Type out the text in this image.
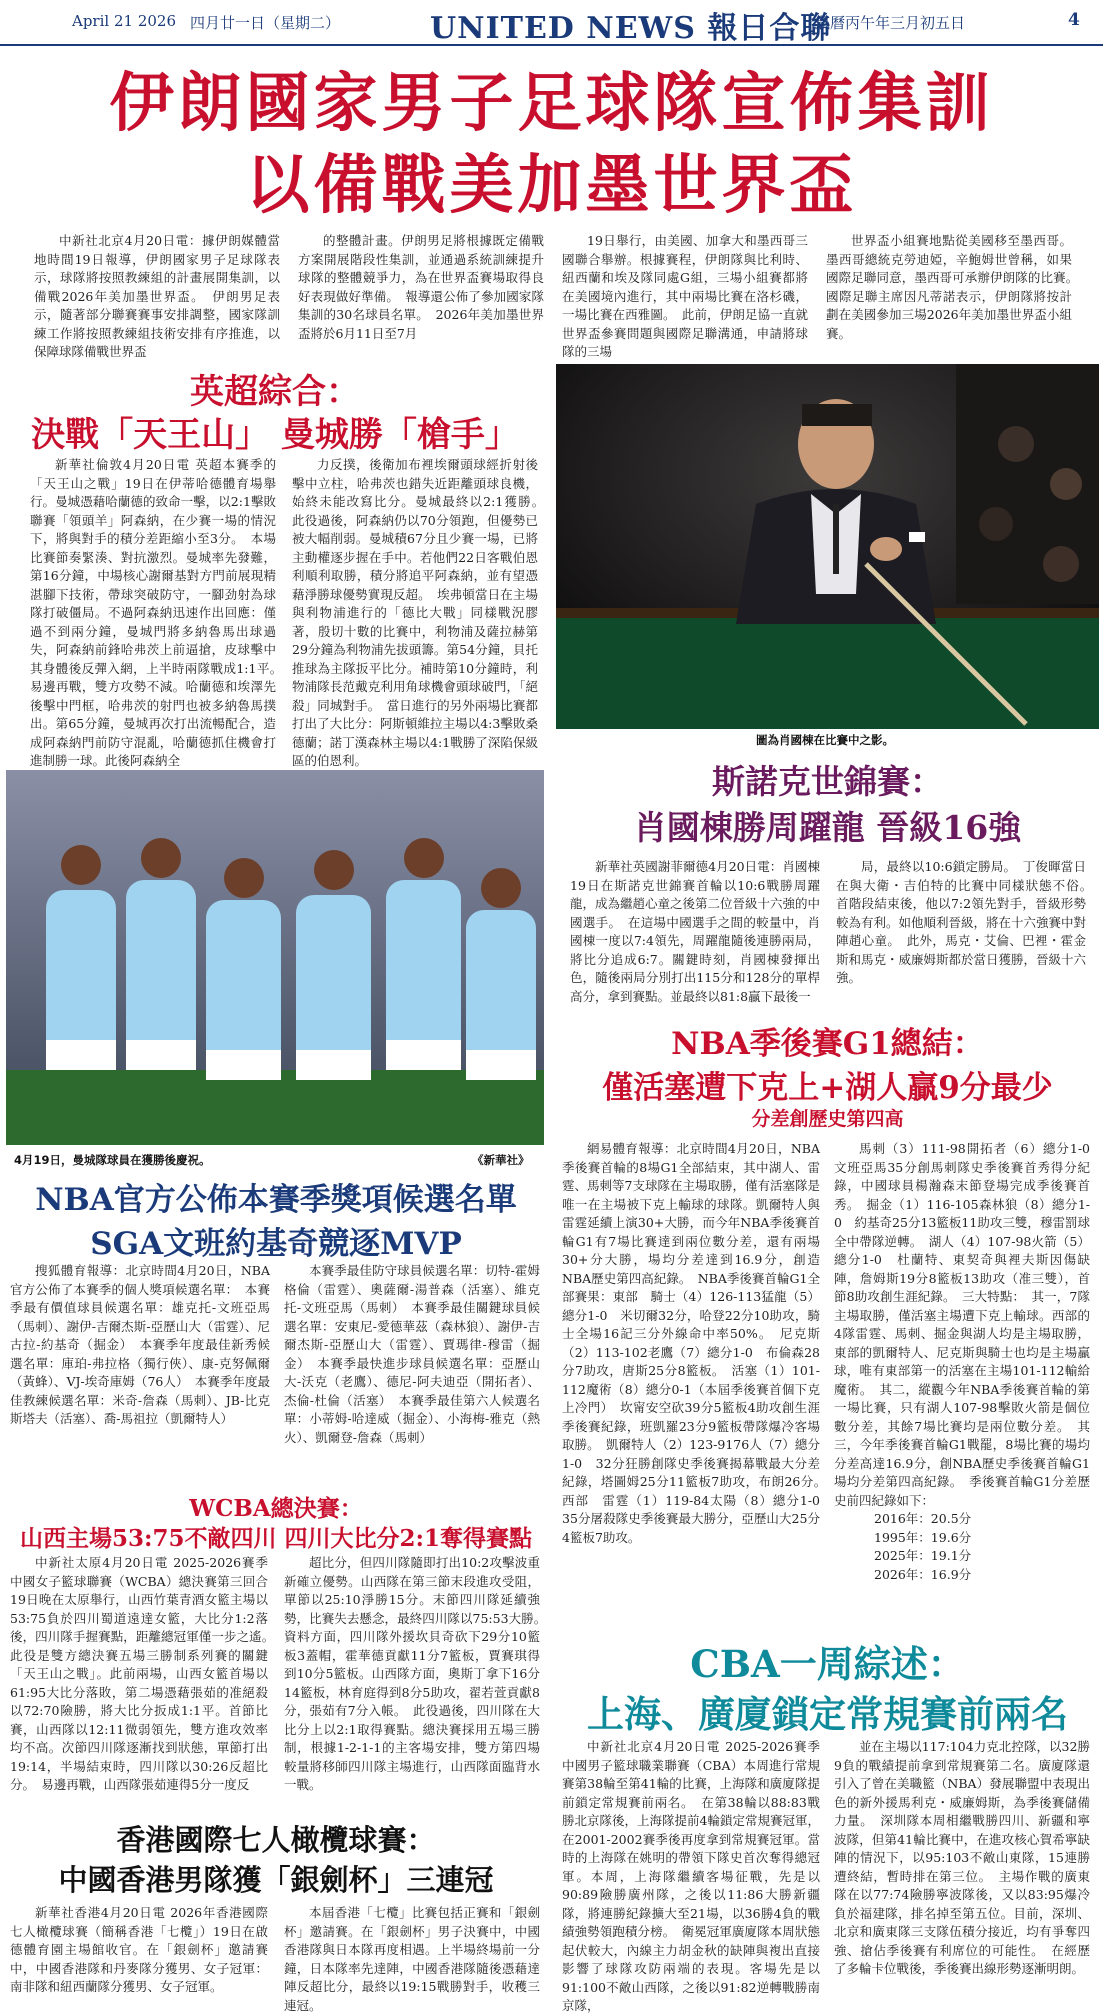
April 21 2026 四月廿一日（星期二）	UNITED NEWS 報日合聯
農曆丙午年三月初五日	4
伊朗國家男子足球隊宣佈集訓
以備戰美加墨世界盃

中新社北京4月20日電：據伊朗媒體當地時間19日報導，伊朗國家男子足球隊表示，球隊將按照教練組的計畫展開集訓，以備戰2026年美加墨世界盃。　伊朗男足表示，隨著部分聯賽賽事安排調整，國家隊訓練工作將按照教練組技術安排有序推進，以保障球隊備戰世界盃

的整體計畫。伊朗男足將根據既定備戰方案開展階段性集訓，並通過系統訓練提升球隊的整體競爭力，為在世界盃賽場取得良好表現做好準備。　報導還公佈了參加國家隊集訓的30名球員名單。　2026年美加墨世界盃將於6月11日至7月

19日舉行，由美國、加拿大和墨西哥三國聯合舉辦。根據賽程，伊朗隊與比利時、紐西蘭和埃及隊同處G組，三場小組賽都將在美國境內進行，其中兩場比賽在洛杉磯，一場比賽在西雅圖。　此前，伊朗足協一直就世界盃參賽問題與國際足聯溝通，申請將球隊的三場

世界盃小組賽地點從美國移至墨西哥。墨西哥總統克勞迪婭，辛鮑姆世曾稱，如果國際足聯同意，墨西哥可承辦伊朗隊的比賽。　國際足聯主席因凡蒂諾表示，伊朗隊將按計劃在美國參加三場2026年美加墨世界盃小組賽。

英超綜合：
決戰「天王山」 曼城勝「槍手」

新華社倫敦4月20日電 英超本賽季的「天王山之戰」19日在伊蒂哈德體育場舉行。曼城憑藉哈蘭德的致命一擊，以2:1擊敗聯賽「領頭羊」阿森納，在少賽一場的情況下，將與對手的積分差距縮小至3分。　本場比賽節奏緊湊、對抗激烈。曼城率先發難，第16分鐘，中場核心謝爾基對方門前展現精湛腳下技術，帶球突破防守，一腳劲射為球隊打破僵局。不過阿森納迅速作出回應：僅過不到兩分鐘，曼城門將多納魯馬出球過失，阿森納前鋒哈弗茨上前逼搶，皮球擊中其身體後反彈入網，上半時兩隊戰成1:1平。　易邊再戰，雙方攻勢不減。哈蘭德和埃澤先後擊中門框，哈弗茨的射門也被多納魯馬撲出。第65分鐘，曼城再次打出流暢配合，造成阿森納門前防守混亂，哈蘭德抓住機會打進制勝一球。此後阿森納全

力反撲，後衛加布裡埃爾頭球經折射後擊中立柱，哈弗茨也錯失近距離頭球良機，始終未能改寫比分。曼城最終以2:1獲勝。　此役過後，阿森納仍以70分領跑，但優勢已被大幅削弱。曼城積67分且少賽一場，已將主動權逐步握在手中。若他們22日客戰伯恩利順利取勝，積分將追平阿森納，並有望憑藉淨勝球優勢實現反超。　埃弗頓當日在主場與利物浦進行的「德比大戰」同樣戰況膠著，殷切十數的比賽中，利物浦及薩拉赫第29分鐘為利物浦先拔頭籌。第54分鐘，貝托推球為主隊扳平比分。補時第10分鐘時，利物浦隊長范戴克利用角球機會頭球破門，「絕殺」同城對手。　當日進行的另外兩場比賽都打出了大比分：阿斯頓維拉主場以4:3擊敗桑德蘭；諾丁漢森林主場以4:1戰勝了深陷保級區的伯恩利。

圖為肖國棟在比賽中之影。
4月19日，曼城隊球員在獲勝後慶祝。	《新華社》
斯諾克世錦賽：
肖國棟勝周躍龍 晉級16強

新華社英國謝菲爾德4月20日電：肖國棟19日在斯諾克世錦賽首輪以10:6戰勝周躍龍，成為繼趙心童之後第二位晉級十六強的中國選手。　在這場中國選手之間的較量中，肖國棟一度以7:4領先，周躍龍隨後連勝兩局，將比分追成6:7。關鍵時刻，肖國棟發揮出色，隨後兩局分別打出115分和128分的單桿高分，拿到賽點。並最終以81:8贏下最後一

局，最終以10:6鎖定勝局。　丁俊暉當日在與大衛・吉伯特的比賽中同樣狀態不俗。　首階段結束後，他以7:2領先對手，晉級形勢較為有利。如他順利晉級，將在十六強賽中對陣趙心童。　此外，馬克・艾倫、巴裡・霍金斯和馬克・威廉姆斯都於當日獲勝，晉級十六強。

NBA季後賽G1總結：
僅活塞遭下克上+湖人贏9分最少
分差創歷史第四高

網易體育報導：北京時間4月20日，NBA季後賽首輪的8場G1全部結束，其中湖人、雷霆、馬刺等7支球隊在主場取勝，僅有活塞隊是唯一在主場被下克上輸球的球隊。凱爾特人與雷霆延續上演30+大勝，而今年NBA季後賽首輪G1有7場比賽達到兩位數分差，還有兩場30+分大勝，場均分差達到16.9分，創造NBA歷史第四高紀錄。　NBA季後賽首輪G1全部賽果：東部　騎士（4）126-113猛龍（5）總分1-0　米切爾32分，哈登22分10助攻，騎士全場16記三分外線命中率50%。　尼克斯（2）113-102老鷹（7）總分1-0　布倫森28分7助攻，唐斯25分8籃板。　活塞（1）101-112魔術（8）總分0-1（本屆季後賽首個下克上冷門）　坎甯安空砍39分5籃板4助攻創生涯季後賽紀錄，班凱羅23分9籃板帶隊爆冷客場取勝。　凱爾特人（2）123-9176人（7）總分1-0　32分狂勝創隊史季後賽揭幕戰最大分差紀錄，塔圖姆25分11籃板7助攻，布朗26分。　西部　雷霆（1）119-84太陽（8）總分1-0　35分屠殺隊史季後賽最大勝分，亞歷山大25分4籃板7助攻。

馬刺（3）111-98開拓者（6）總分1-0　文班亞馬35分創馬刺隊史季後賽首秀得分紀錄，中國球員楊瀚森末節登場完成季後賽首秀。　掘金（1）116-105森林狼（8）總分1-0　約基奇25分13籃板11助攻三雙，穆雷罰球全中帶隊逆轉。　湖人（4）107-98火箭（5）總分1-0　杜蘭特、東契奇與裡夫斯因傷缺陣，詹姆斯19分8籃板13助攻（准三雙），首節8助攻創生涯紀錄。　三大特點：　其一，7隊主場取勝，僅活塞主場遭下克上輸球。西部的4隊雷霆、馬刺、掘金與湖人均是主場取勝，東部的凱爾特人、尼克斯與騎士也均是主場贏球，唯有東部第一的活塞在主場101-112輸給魔術。　其二，縱觀今年NBA季後賽首輪的第一場比賽，只有湖人107-98擊敗火箭是個位數分差，其餘7場比賽均是兩位數分差。　其三，今年季後賽首輪G1戰罷，8場比賽的場均分差高達16.9分，創NBA歷史季後賽首輪G1場均分差第四高紀錄。　季後賽首輪G1分差歷史前四紀錄如下：

2016年：20.5分
1995年：19.6分
2025年：19.1分
2026年：16.9分
NBA官方公佈本賽季獎項候選名單
SGA文班約基奇競逐MVP

搜狐體育報導：北京時間4月20日，NBA官方公佈了本賽季的個人獎項候選名單：　本賽季最有價值球員候選名單：雄克托-文班亞馬（馬刺）、謝伊-吉爾杰斯-亞歷山大（雷霆）、尼古拉-約基奇（掘金）　本賽季年度最佳新秀候選名單：庫珀-弗拉格（獨行俠）、康-克努佩爾（黃蜂）、VJ-埃奇庫姆（76人）　本賽季年度最佳教練候選名單：米奇-詹森（馬刺）、JB-比克斯塔夫（活塞）、喬-馬祖拉（凱爾特人）

本賽季最佳防守球員候選名單：切特-霍姆格倫（雷霆）、奧薩爾-湯普森（活塞）、維克托-文班亞馬（馬刺）　本賽季最佳關鍵球員候選名單：安東尼-愛德華茲（森林狼）、謝伊-吉爾杰斯-亞歷山大（雷霆）、賈瑪律-穆雷（掘金）　本賽季最快進步球員候選名單：亞歷山大-沃克（老鷹）、德尼-阿夫迪亞（開拓者）、杰倫-杜倫（活塞）　本賽季最佳第六人候選名單：小蒂姆-哈達威（掘金）、小海梅-雅克（熱火）、凱爾登-詹森（馬刺）

WCBA總決賽：
山西主場53:75不敵四川 四川大比分2:1奪得賽點

中新社太原4月20日電 2025-2026賽季中國女子籃球聯賽（WCBA）總決賽第三回合19日晚在太原舉行，山西竹葉青酒女籃主場以53:75負於四川蜀道遠達女籃，大比分1:2落後，四川隊手握賽點，距離總冠軍僅一步之遙。　此役是雙方總決賽五場三勝制系列賽的關鍵「天王山之戰」。此前兩場，山西女籃首場以61:95大比分落敗，第二場憑藉張茹的准絕殺以72:70險勝，將大比分扳成1:1平。首節比賽，山西隊以12:11微弱領先，雙方進攻效率均不高。次節四川隊逐漸找到狀態，單節打出19:14，半場結束時，四川隊以30:26反超比分。　易邊再戰，山西隊張茹連得5分一度反

超比分，但四川隊隨即打出10:2攻擊波重新確立優勢。山西隊在第三節末段進攻受阻，單節以25:10淨勝15分。末節四川隊延續強勢，比賽失去懸念，最終四川隊以75:53大勝。　資料方面，四川隊外援坎貝奇砍下29分10籃板3蓋帽，霍華德貢獻11分7籃板，賈賽琪得到10分5籃板。山西隊方面，奧斯丁拿下16分14籃板，林育庭得到8分5助攻，翟若萱貢獻8分，張茹有7分入帳。　此役過後，四川隊在大比分上以2:1取得賽點。總決賽採用五場三勝制，根據1-2-1-1的主客場安排，雙方第四場較量將移師四川隊主場進行，山西隊面臨背水一戰。

香港國際七人橄欖球賽：
中國香港男隊獲「銀劍杯」三連冠

新華社香港4月20日電 2026年香港國際七人橄欖球賽（簡稱香港「七欖」）19日在啟德體育園主場館收官。在「銀劍杯」邀請賽中，中國香港隊和丹麥隊分獲男、女子冠軍：南非隊和紐西蘭隊分獲男、女子冠軍。

本屆香港「七欖」比賽包括正賽和「銀劍杯」邀請賽。在「銀劍杯」男子決賽中，中國香港隊與日本隊再度相遇。上半場終場前一分鐘，日本隊率先達陣，中國香港隊隨後憑藉達陣反超比分，最終以19:15戰勝對手，收穫三連冠。

CBA一周綜述：
上海、廣廈鎖定常規賽前兩名

中新社北京4月20日電 2025-2026賽季中國男子籃球職業聯賽（CBA）本周進行常規賽第38輪至第41輪的比賽，上海隊和廣廈隊提前鎖定常規賽前兩名。　在第38輪以88:83戰勝北京隊後，上海隊提前4輪鎖定常規賽冠軍，在2001-2002賽季後再度拿到常規賽冠軍。當時的上海隊在姚明的帶領下隊史首次奪得總冠軍。本周，上海隊繼續客場征戰，先是以90:89險勝廣州隊，之後以11:86大勝新疆隊，將連勝紀錄擴大至21場，以36勝4負的戰績強勢領跑積分榜。　衛冕冠軍廣廈隊本周狀態起伏較大，內線主力胡金秋的缺陣與複出直接影響了球隊攻防兩端的表現。客場先是以91:100不敵山西隊，之後以91:82逆轉戰勝南京隊，

並在主場以117:104力克北控隊，以32勝9負的戰績提前拿到常規賽第二名。廣廈隊還引入了曾在美職籃（NBA）發展聯盟中表現出色的新外援馬利克・威廉姆斯，為季後賽儲備力量。　深圳隊本周相繼戰勝四川、新疆和寧波隊，但第41輪比賽中，在進攻核心賀希寧缺陣的情況下，以95:103不敵山東隊，15連勝遭終結，暫時排在第三位。　主場作戰的廣東隊在以77:74險勝寧波隊後，又以83:95爆冷負於福建隊，排名掉至第五位。目前，深圳、北京和廣東隊三支隊伍積分接近，均有爭奪四強、搶佔季後賽有利席位的可能性。　在經歷了多輪卡位戰後，季後賽出線形勢逐漸明朗。
